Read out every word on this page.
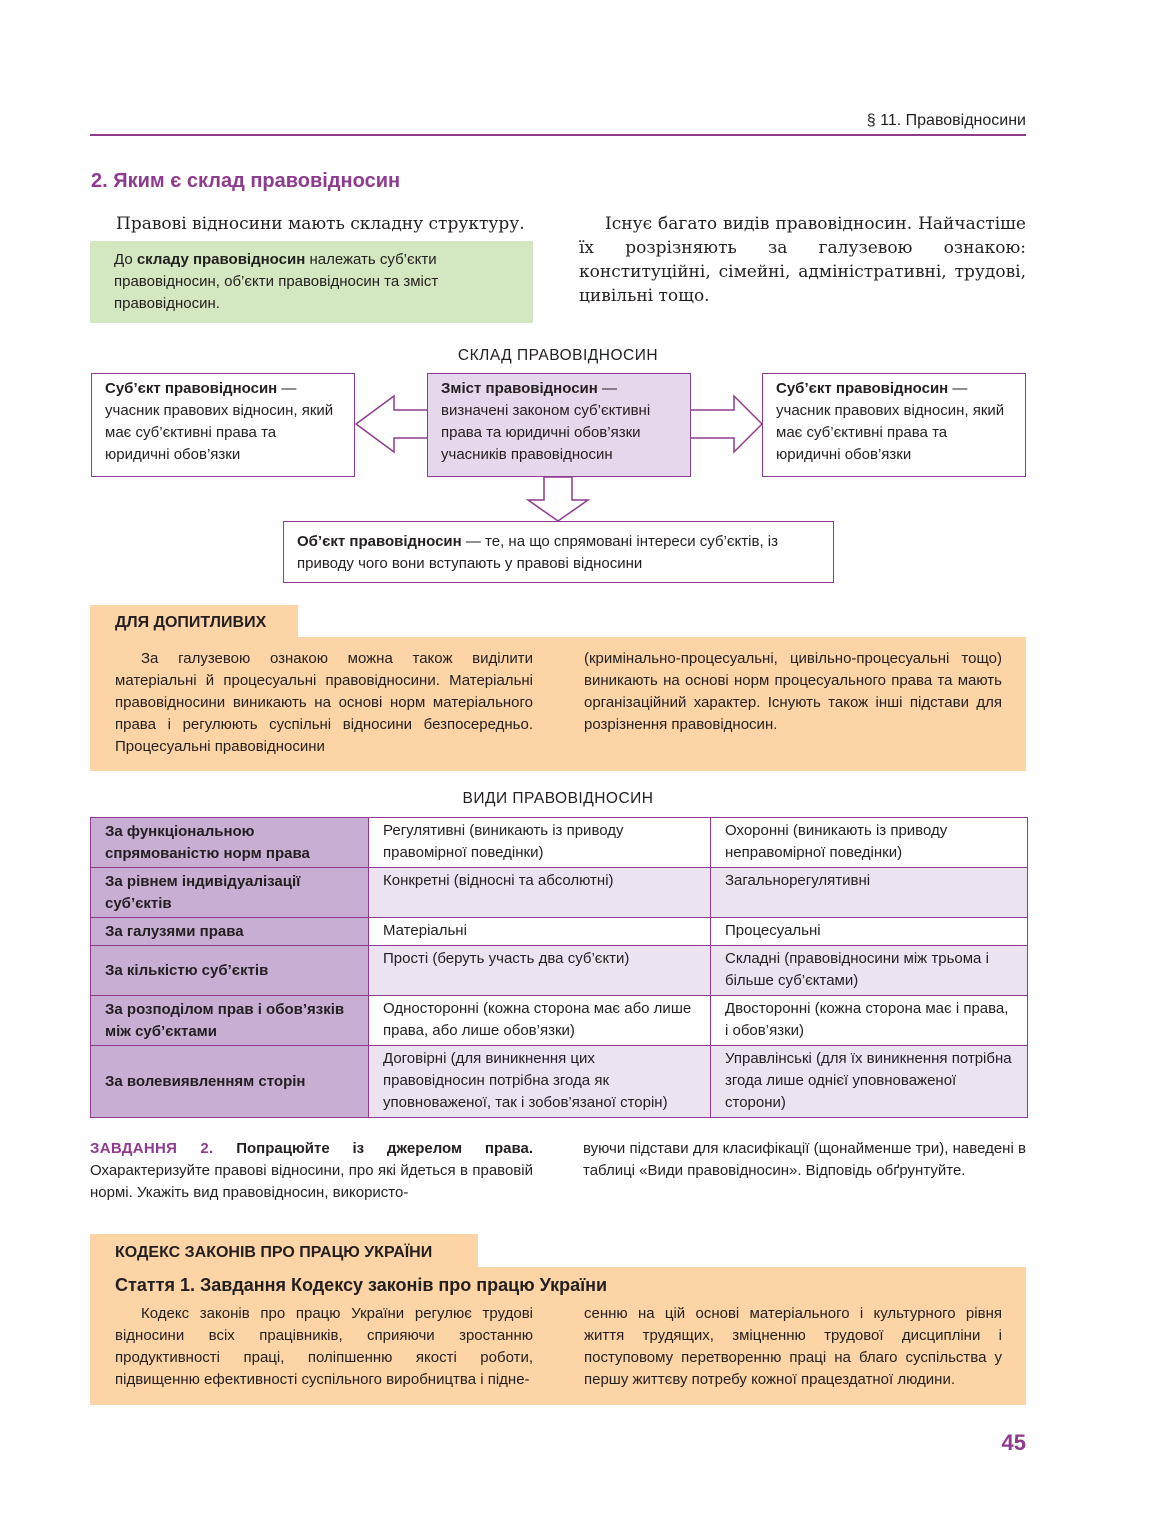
§ 11. Правовідносини
2. Яким є склад правовідносин
Правові відносини мають складну структуру.	Існує багато видів правовідносин. Найчастіше їх розрізняють за галузевою ознакою: конституційні, сімейні, адміністративні, трудові, цивільні тощо.
До складу правовідносин належать суб’єкти правовідносин, об’єкти правовідносин та зміст правовідносин.
СКЛАД ПРАВОВІДНОСИН
Суб’єкт правовідносин — учасник правових відносин, який має суб’єктивні права та юридичні обов’язки
Зміст правовідносин — визначені законом суб’єктивні права та юридичні обов’язки учасників правовідносин
Суб’єкт правовідносин — учасник правових відносин, який має суб’єктивні права та юридичні обов’язки
Об’єкт правовідносин — те, на що спрямовані інтереси суб’єктів, із приводу чого вони вступають у правові відносини
ДЛЯ ДОПИТЛИВИХ
За галузевою ознакою можна також виділити матеріальні й процесуальні правовідносини. Матеріальні правовідносини виникають на основі норм матеріального права і регулюють суспільні відносини безпосередньо. Процесуальні правовідносини
(кримінально-процесуальні, цивільно-процесуальні тощо) виникають на основі норм процесуального права та мають організаційний характер. Існують також інші підстави для розрізнення правовідносин.
ВИДИ ПРАВОВІДНОСИН
За функціональною спрямованістю норм права	Регулятивні (виникають із приводу правомірної поведінки)	Охоронні (виникають із приводу неправомірної поведінки)
За рівнем індивідуалізації суб’єктів	Конкретні (відносні та абсолютні)	Загальнорегулятивні
За галузями права	Матеріальні	Процесуальні
За кількістю суб’єктів	Прості (беруть участь два суб’єкти)	Складні (правовідносини між трьома і більше суб’єктами)
За розподілом прав і обов’язків між суб’єктами	Односторонні (кожна сторона має або лише права, або лише обов’язки)	Двосторонні (кожна сторона має і права, і обов’язки)
За волевиявленням сторін	Договірні (для виникнення цих правовідносин потрібна згода як уповноваженої, так і зобов’язаної сторін)	Управлінські (для їх виникнення потрібна згода лише однієї уповноваженої сторони)
ЗАВДАННЯ 2. Попрацюйте із джерелом права. Охарактеризуйте правові відносини, про які йдеться в правовій нормі. Укажіть вид правовідносин, використо-
вуючи підстави для класифікації (щонайменше три), наведені в таблиці «Види правовідносин». Відповідь обґрунтуйте.
КОДЕКС ЗАКОНІВ ПРО ПРАЦЮ УКРАЇНИ
Стаття 1. Завдання Кодексу законів про працю України
Кодекс законів про працю України регулює трудові відносини всіх працівників, сприяючи зростанню продуктивності праці, поліпшенню якості роботи, підвищенню ефективності суспільного виробництва і підне-
сенню на цій основі матеріального і культурного рівня життя трудящих, зміцненню трудової дисципліни і поступовому перетворенню праці на благо суспільства у першу життєву потребу кожної працездатної людини.
45
